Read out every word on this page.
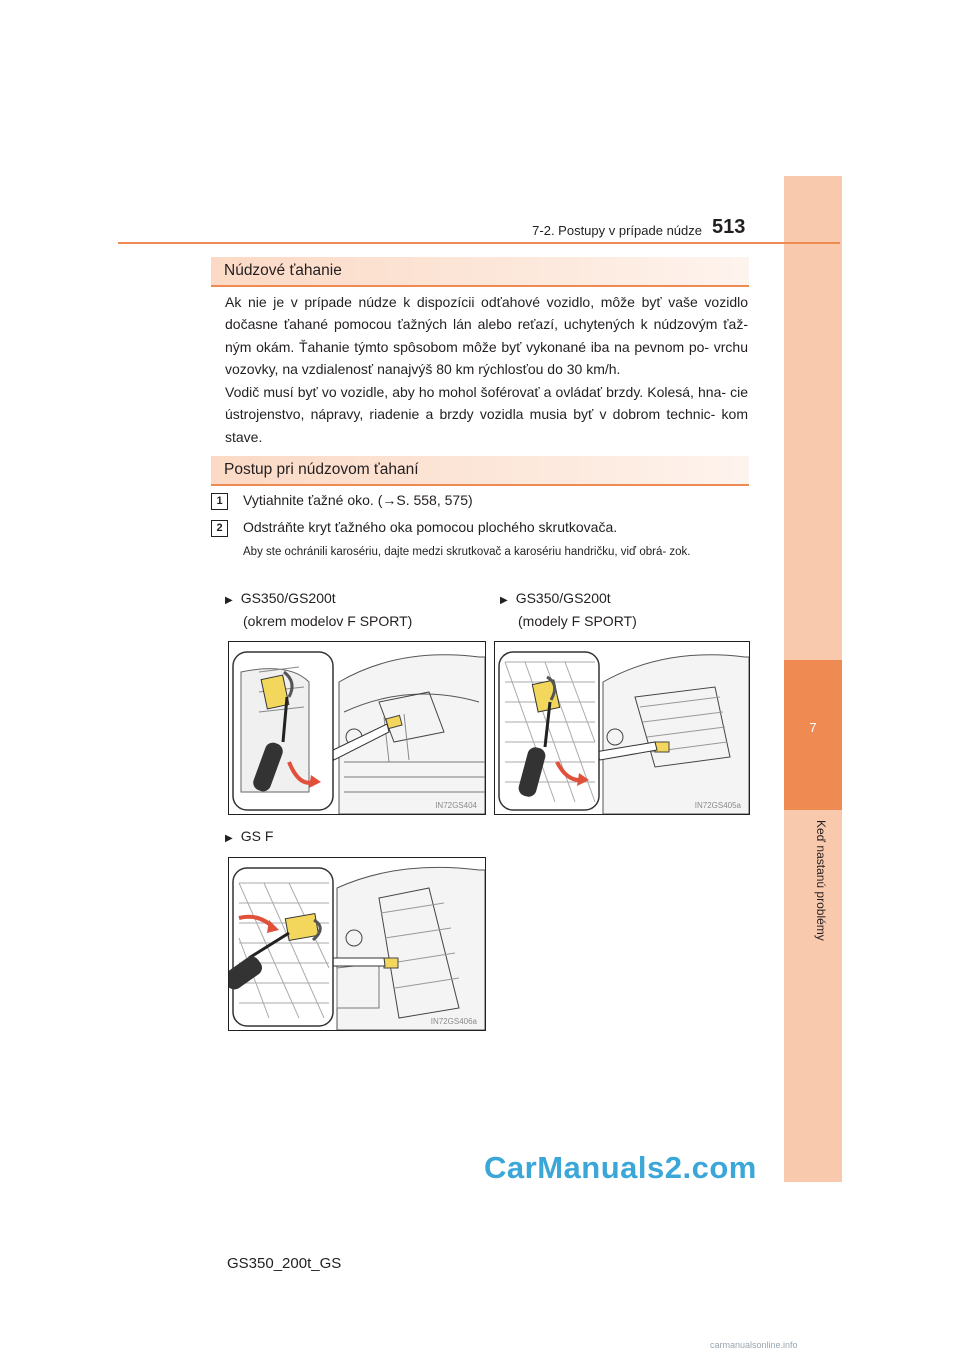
7
Keď nastanú problémy
7-2. Postupy v prípade núdze 513
Núdzové ťahanie
Ak nie je v prípade núdze k dispozícii odťahové vozidlo, môže byť vaše vozidlo dočasne ťahané pomocou ťažných lán alebo reťazí, uchytených k núdzovým ťaž- ným okám. Ťahanie týmto spôsobom môže byť vykonané iba na pevnom po- vrchu vozovky, na vzdialenosť nanajvýš 80 km rýchlosťou do 30 km/h.
Vodič musí byť vo vozidle, aby ho mohol šoférovať a ovládať brzdy. Kolesá, hna- cie ústrojenstvo, nápravy, riadenie a brzdy vozidla musia byť v dobrom technic- kom stave.
Postup pri núdzovom ťahaní
1	Vytiahnite ťažné oko. (→S. 558, 575)
2	Odstráňte kryt ťažného oka pomocou plochého skrutkovača.
Aby ste ochránili karosériu, dajte medzi skrutkovač a karosériu handričku, viď obrá- zok.
▶ GS350/GS200t
(okrem modelov F SPORT)
▶ GS350/GS200t
(modely F SPORT)
▶ GS F
IN72GS404	IN72GS405a
IN72GS406a
GS350_200t_GS
CarManuals2.com
carmanualsonline.info
